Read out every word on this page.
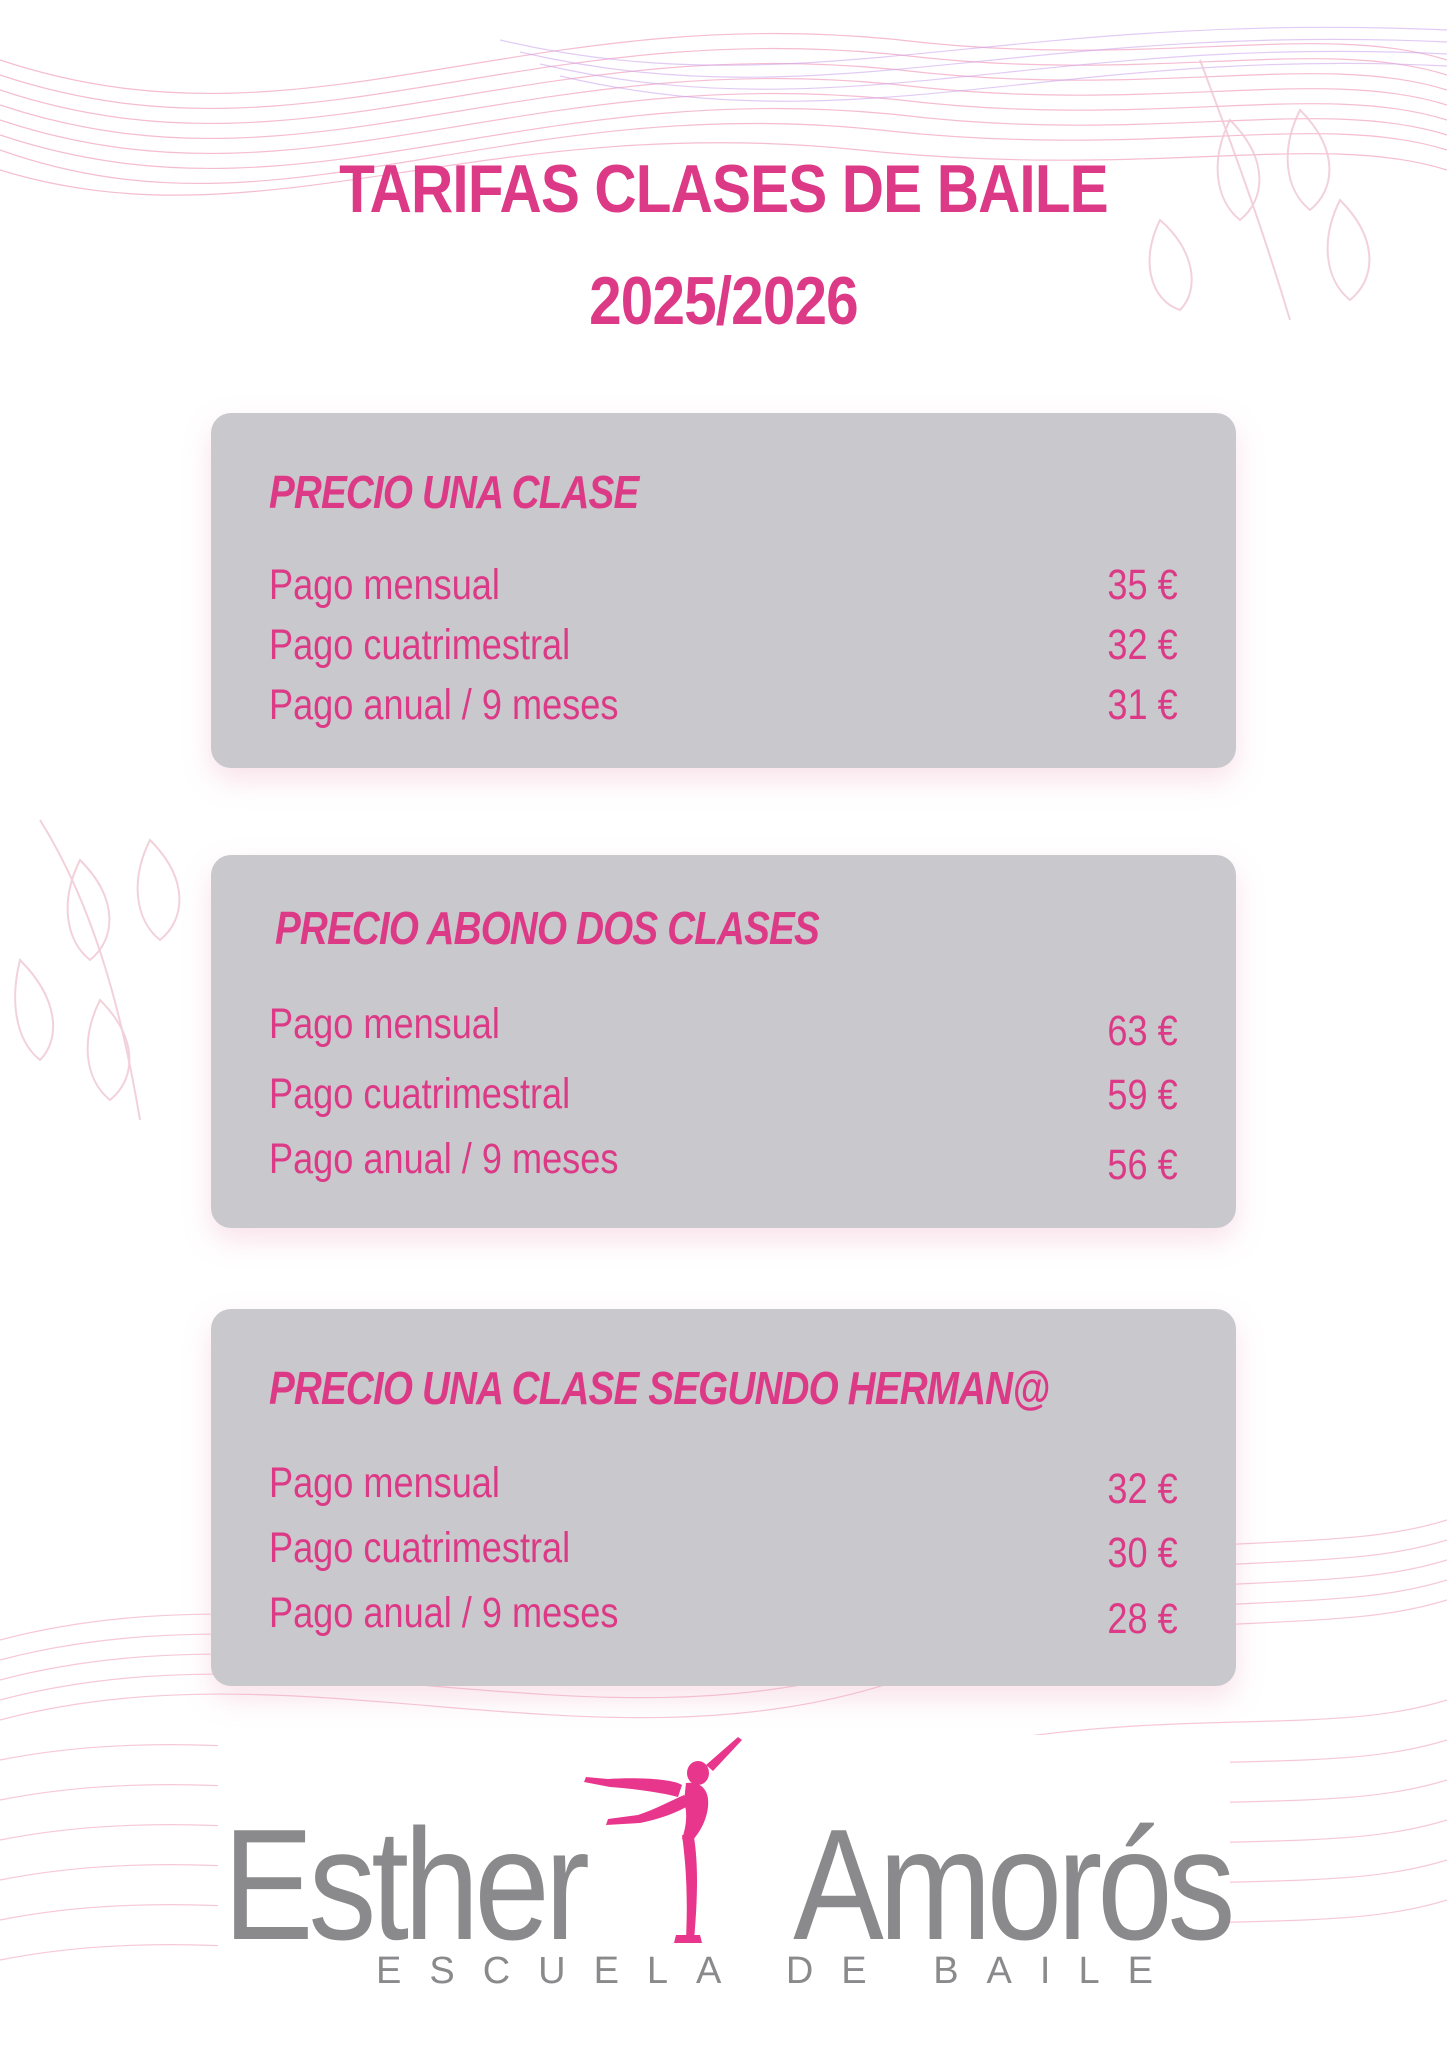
TARIFAS CLASES DE BAILE
2025/2026
PRECIO UNA CLASE
Pago mensual	35 €
Pago cuatrimestral	32 €
Pago anual / 9 meses	31 €
PRECIO ABONO DOS CLASES
Pago mensual	63 €
Pago cuatrimestral	59 €
Pago anual / 9 meses	56 €
PRECIO UNA CLASE SEGUNDO HERMAN@
Pago mensual	32 €
Pago cuatrimestral	30 €
Pago anual / 9 meses	28 €
Esther Amorós
ESCUELA DE BAILE
